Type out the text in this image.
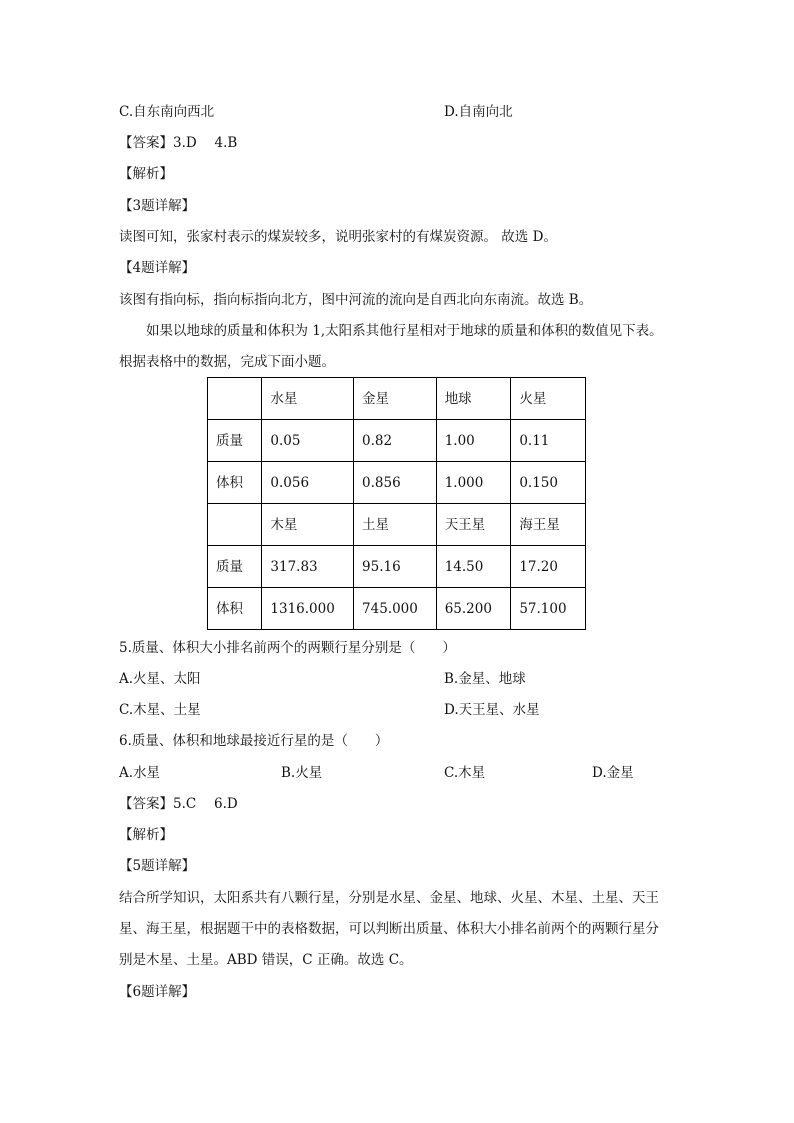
C.自东南向西北	D.自南向北
【答案】3.D　 4.B
【解析】
【3题详解】
读图可知，张家村表示的煤炭较多，说明张家村的有煤炭资源。 故选 D。
【4题详解】
该图有指向标，指向标指向北方，图中河流的流向是自西北向东南流。故选 B。
如果以地球的质量和体积为 1,太阳系其他行星相对于地球的质量和体积的数值见下表。
根据表格中的数据，完成下面小题。
	水星	金星	地球	火星
质量	0.05	0.82	1.00	0.11
体积	0.056	0.856	1.000	0.150
	木星	土星	天王星	海王星
质量	317.83	95.16	14.50	17.20
体积	1316.000	745.000	65.200	57.100
5.质量、体积大小排名前两个的两颗行星分别是（　　）
A.火星、太阳	B.金星、地球
C.木星、土星	D.天王星、水星
6.质量、体积和地球最接近行星的是（　　）
A.水星	B.火星	C.木星	D.金星
【答案】5.C　 6.D
【解析】
【5题详解】
结合所学知识，太阳系共有八颗行星，分别是水星、金星、地球、火星、木星、土星、天王
星、海王星，根据题干中的表格数据，可以判断出质量、体积大小排名前两个的两颗行星分
别是木星、土星。ABD 错误，C 正确。故选 C。
【6题详解】
